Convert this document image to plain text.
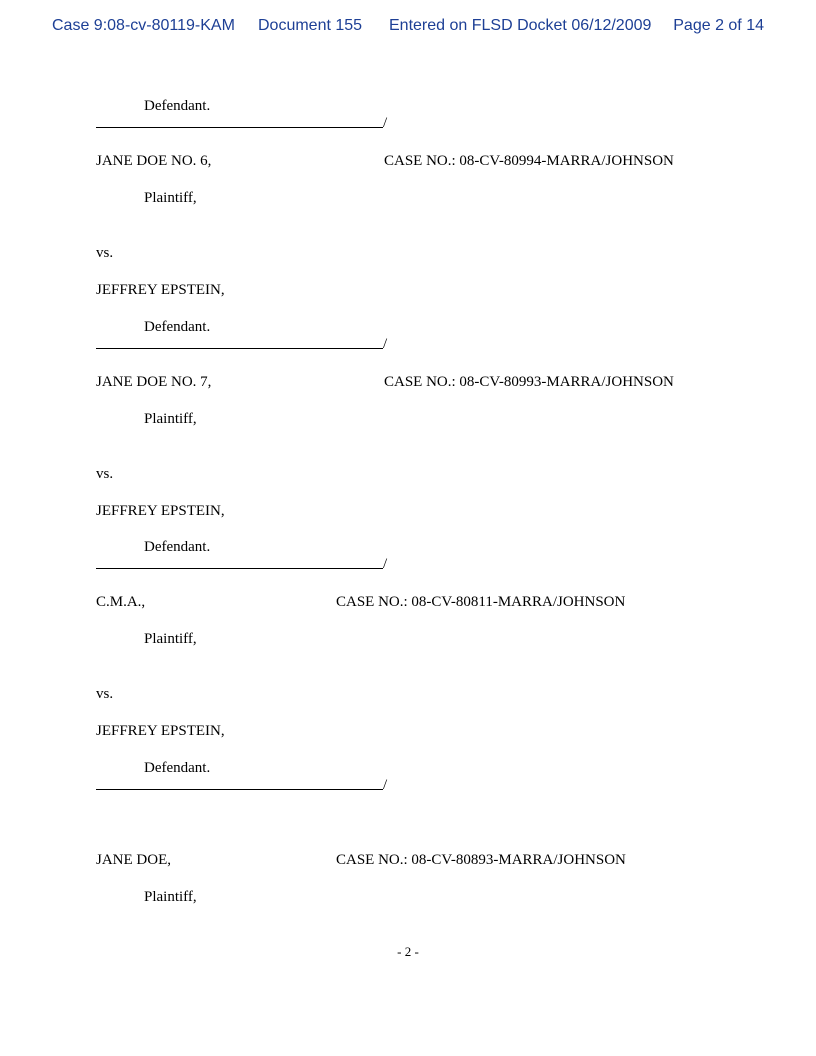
Case 9:08-cv-80119-KAM Document 155 Entered on FLSD Docket 06/12/2009 Page 2 of 14
Defendant.
/
JANE DOE NO. 6,	CASE NO.: 08-CV-80994-MARRA/JOHNSON
Plaintiff,
vs.
JEFFREY EPSTEIN,
Defendant.
/
JANE DOE NO. 7,	CASE NO.: 08-CV-80993-MARRA/JOHNSON
Plaintiff,
vs.
JEFFREY EPSTEIN,
Defendant.
/
C.M.A.,	CASE NO.: 08-CV-80811-MARRA/JOHNSON
Plaintiff,
vs.
JEFFREY EPSTEIN,
Defendant.
/
JANE DOE,	CASE NO.: 08-CV-80893-MARRA/JOHNSON
Plaintiff,
- 2 -
